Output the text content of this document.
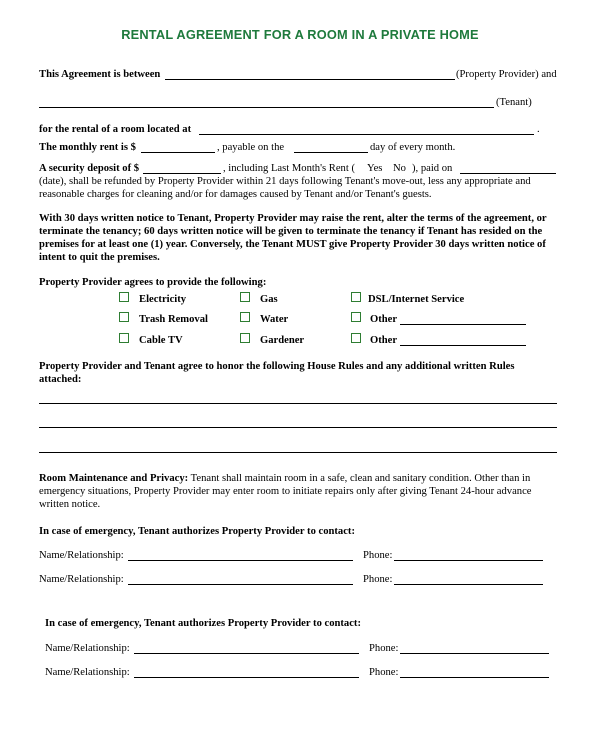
RENTAL AGREEMENT FOR A ROOM IN A PRIVATE HOME
This Agreement is between	(Property Provider) and
(Tenant)
for the rental of a room located at	.
The monthly rent is $	, payable on the	day of every month.
A security deposit of $	, including Last Month's Rent ( Yes No ), paid on
(date), shall be refunded by Property Provider within 21 days following Tenant's move-out, less any appropriate and
reasonable charges for cleaning and/or for damages caused by Tenant and/or Tenant's guests.
With 30 days written notice to Tenant, Property Provider may raise the rent, alter the terms of the agreement, or
terminate the tenancy; 60 days written notice will be given to terminate the tenancy if Tenant has resided on the
premises for at least one (1) year. Conversely, the Tenant MUST give Property Provider 30 days written notice of
intent to quit the premises.
Property Provider agrees to provide the following:
Electricity	Gas	DSL/Internet Service
Trash Removal	Water	Other
Cable TV	Gardener	Other
Property Provider and Tenant agree to honor the following House Rules and any additional written Rules
attached:
Room Maintenance and Privacy: Tenant shall maintain room in a safe, clean and sanitary condition. Other than in
emergency situations, Property Provider may enter room to initiate repairs only after giving Tenant 24-hour advance
written notice.
In case of emergency, Tenant authorizes Property Provider to contact:
Name/Relationship:	Phone:
Name/Relationship:	Phone:
In case of emergency, Tenant authorizes Property Provider to contact:
Name/Relationship:	Phone:
Name/Relationship:	Phone:
